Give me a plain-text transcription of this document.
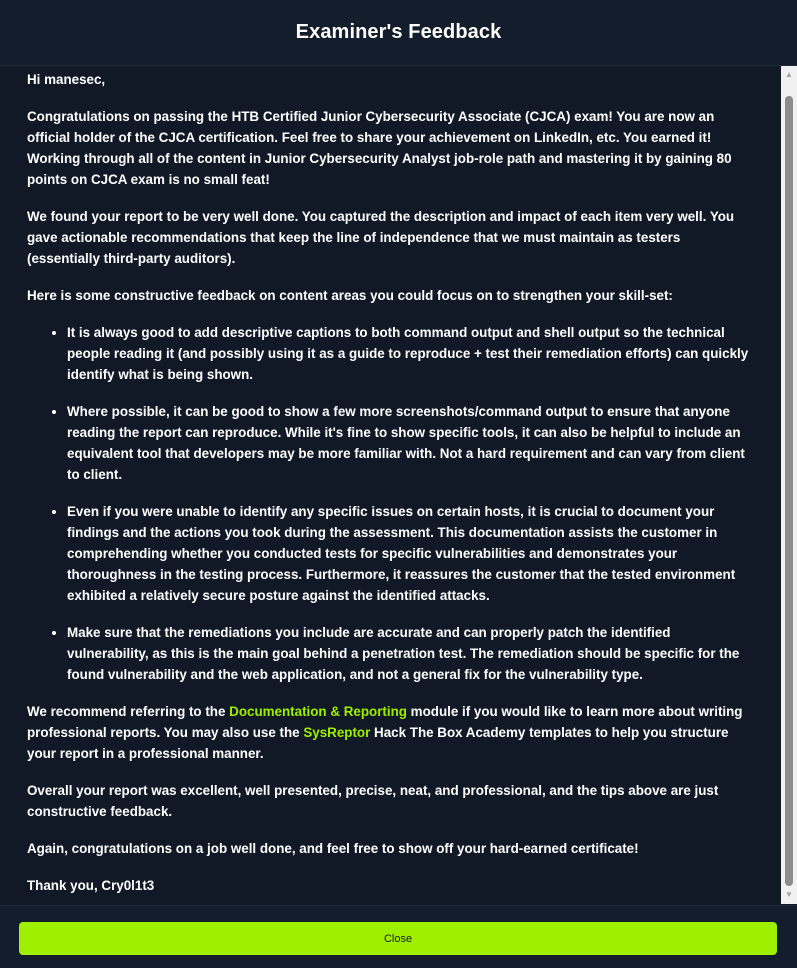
Examiner's Feedback

Hi manesec,

Congratulations on passing the HTB Certified Junior Cybersecurity Associate (CJCA) exam! You are now an official holder of the CJCA certification. Feel free to share your achievement on LinkedIn, etc. You earned it! Working through all of the content in Junior Cybersecurity Analyst job-role path and mastering it by gaining 80 points on CJCA exam is no small feat!

We found your report to be very well done. You captured the description and impact of each item very well. You gave actionable recommendations that keep the line of independence that we must maintain as testers (essentially third-party auditors).

Here is some constructive feedback on content areas you could focus on to strengthen your skill-set:

• It is always good to add descriptive captions to both command output and shell output so the technical people reading it (and possibly using it as a guide to reproduce + test their remediation efforts) can quickly identify what is being shown.
• Where possible, it can be good to show a few more screenshots/command output to ensure that anyone reading the report can reproduce. While it's fine to show specific tools, it can also be helpful to include an equivalent tool that developers may be more familiar with. Not a hard requirement and can vary from client to client.
• Even if you were unable to identify any specific issues on certain hosts, it is crucial to document your findings and the actions you took during the assessment. This documentation assists the customer in comprehending whether you conducted tests for specific vulnerabilities and demonstrates your thoroughness in the testing process. Furthermore, it reassures the customer that the tested environment exhibited a relatively secure posture against the identified attacks.
• Make sure that the remediations you include are accurate and can properly patch the identified vulnerability, as this is the main goal behind a penetration test. The remediation should be specific for the found vulnerability and the web application, and not a general fix for the vulnerability type.

We recommend referring to the Documentation & Reporting module if you would like to learn more about writing professional reports. You may also use the SysReptor Hack The Box Academy templates to help you structure your report in a professional manner.

Overall your report was excellent, well presented, precise, neat, and professional, and the tips above are just constructive feedback.

Again, congratulations on a job well done, and feel free to show off your hard-earned certificate!

Thank you, Cry0l1t3

▲
▼
Close
